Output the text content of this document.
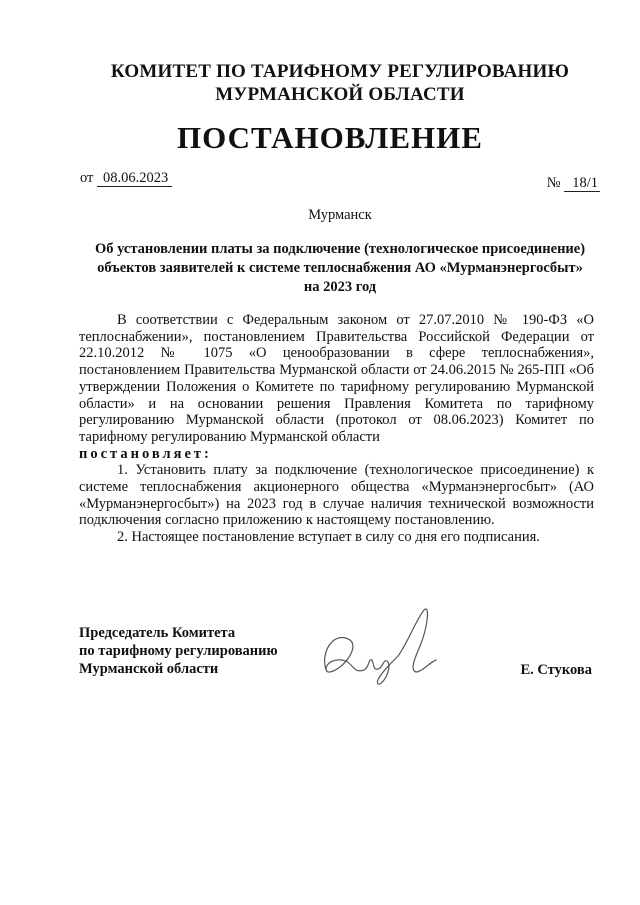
КОМИТЕТ ПО ТАРИФНОМУ РЕГУЛИРОВАНИЮ
МУРМАНСКОЙ ОБЛАСТИ
ПОСТАНОВЛЕНИЕ
от 08.06.2023	№ 18/1
Мурманск
Об установлении платы за подключение (технологическое присоединение)
объектов заявителей к системе теплоснабжения АО «Мурманэнергосбыт»
на 2023 год

В соответствии с Федеральным законом от 27.07.2010 № 190-ФЗ «О теплоснабжении», постановлением Правительства Российской Федерации от 22.10.2012 № 1075 «О ценообразовании в сфере теплоснабжения», постановлением Правительства Мурманской области от 24.06.2015 № 265-ПП «Об утверждении Положения о Комитете по тарифному регулированию Мурманской области» и на основании решения Правления Комитета по тарифному регулированию Мурманской области (протокол от 08.06.2023) Комитет по тарифному регулированию Мурманской области

постановляет:

1. Установить плату за подключение (технологическое присоединение) к системе теплоснабжения акционерного общества «Мурманэнергосбыт» (АО «Мурманэнергосбыт») на 2023 год в случае наличия технической возможности подключения согласно приложению к настоящему постановлению.

2. Настоящее постановление вступает в силу со дня его подписания.

Председатель Комитета
по тарифному регулированию
Мурманской области	Е. Стукова
